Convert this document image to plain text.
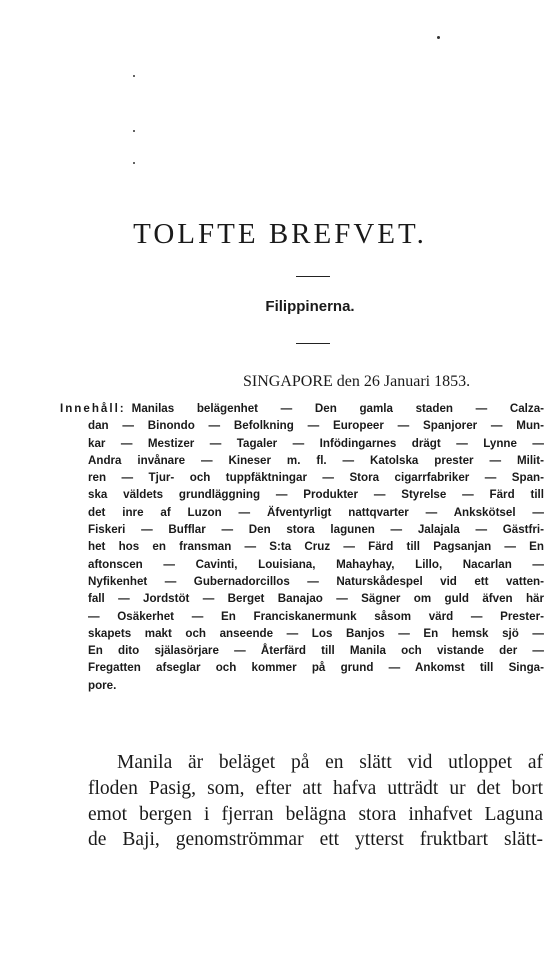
TOLFTE BREFVET.
Filippinerna.

SINGAPORE den 26 Januari 1853.

Innehåll: Manilas belägenhet — Den gamla staden — Calza-
dan — Binondo — Befolkning — Europeer — Spanjorer — Mun-
kar — Mestizer — Tagaler — Infödingarnes drägt — Lynne —
Andra invånare — Kineser m. fl. — Katolska prester — Milit-
ren — Tjur- och tuppfäktningar — Stora cigarrfabriker — Span-
ska väldets grundläggning — Produkter — Styrelse — Färd till
det inre af Luzon — Äfventyrligt nattqvarter — Ankskötsel —
Fiskeri — Bufflar — Den stora lagunen — Jalajala — Gästfri-
het hos en fransman — S:ta Cruz — Färd till Pagsanjan — En
aftonscen — Cavinti, Louisiana, Mahayhay, Lillo, Nacarlan —
Nyfikenhet — Gubernadorcillos — Naturskådespel vid ett vatten-
fall — Jordstöt — Berget Banajao — Sägner om guld äfven här
— Osäkerhet — En Franciskanermunk såsom värd — Prester-
skapets makt och anseende — Los Banjos — En hemsk sjö —
En dito själasörjare — Återfärd till Manila och vistande der —
Fregatten afseglar och kommer på grund — Ankomst till Singa-
pore.
Manila är beläget på en slätt vid utloppet af
floden Pasig, som, efter att hafva utträdt ur det bort
emot bergen i fjerran belägna stora inhafvet Laguna
de Baji, genomströmmar ett ytterst fruktbart slätt-
